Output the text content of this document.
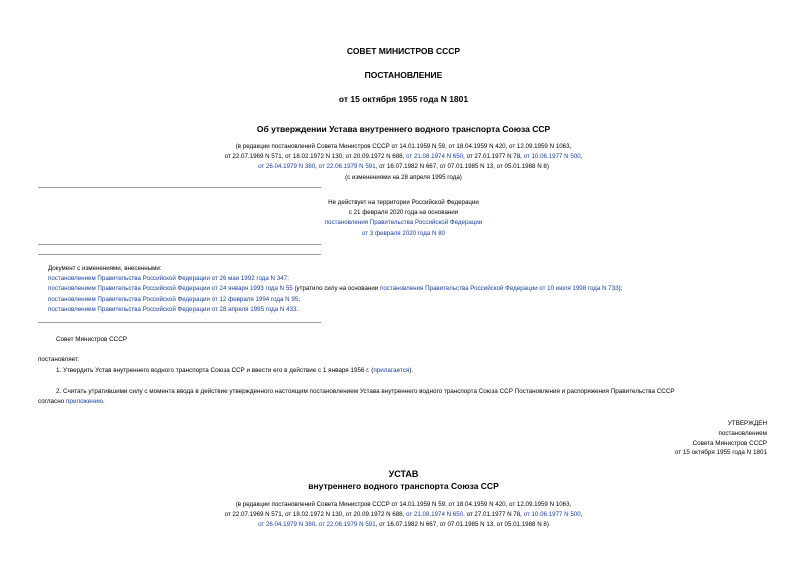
СОВЕТ МИНИСТРОВ СССР
ПОСТАНОВЛЕНИЕ
от 15 октября 1955 года N 1801
Об утверждении Устава внутреннего водного транспорта Союза ССР
(в редакции постановлений Совета Министров СССР от 14.01.1959 N 59, от 18.04.1959 N 420, от 12.09.1959 N 1063,
от 22.07.1969 N 571, от 18.02.1972 N 130, от 20.09.1972 N 688, от 21.08.1974 N 650, от 27.01.1977 N 78, от 10.06.1977 N 500,
от 26.04.1979 N 380, от 22.06.1979 N 591, от 16.07.1982 N 667, от 07.01.1985 N 13, от 05.01.1988 N 8)
(с изменениями на 28 апреля 1995 года)
Не действует на территории Российской Федерации
с 21 февраля 2020 года на основании
постановления Правительства Российской Федерации
от 3 февраля 2020 года N 80
Документ с изменениями, внесенными:
постановлением Правительства Российской Федерации от 26 мая 1992 года N 347;
постановлением Правительства Российской Федерации от 24 января 1993 года N 55 (утратило силу на основании постановления Правительства Российской Федерации от 10 июля 1998 года N 733);
постановлением Правительства Российской Федерации от 12 февраля 1994 года N 95;
постановлением Правительства Российской Федерации от 28 апреля 1995 года N 433.
Совет Министров СССР
постановляет:
1. Утвердить Устав внутреннего водного транспорта Союза ССР и ввести его в действие с 1 января 1956 г. (прилагается).
2. Считать утратившими силу с момента ввода в действие утвержденного настоящим постановлением Устава внутреннего водного транспорта Союза ССР Постановления и распоряжения Правительства СССР
согласно приложению.
УТВЕРЖДЕН
постановлением
Совета Министров СССР
от 15 октября 1955 года N 1801
УСТАВ
внутреннего водного транспорта Союза ССР
(в редакции постановлений Совета Министров СССР от 14.01.1959 N 59, от 18.04.1959 N 420, от 12.09.1959 N 1063,
от 22.07.1969 N 571, от 18.02.1972 N 130, от 20.09.1972 N 688, от 21.08.1974 N 650, от 27.01.1977 N 78, от 10.06.1977 N 500,
от 26.04.1979 N 380, от 22.06.1979 N 591, от 16.07.1982 N 667, от 07.01.1985 N 13, от 05.01.1988 N 8)
